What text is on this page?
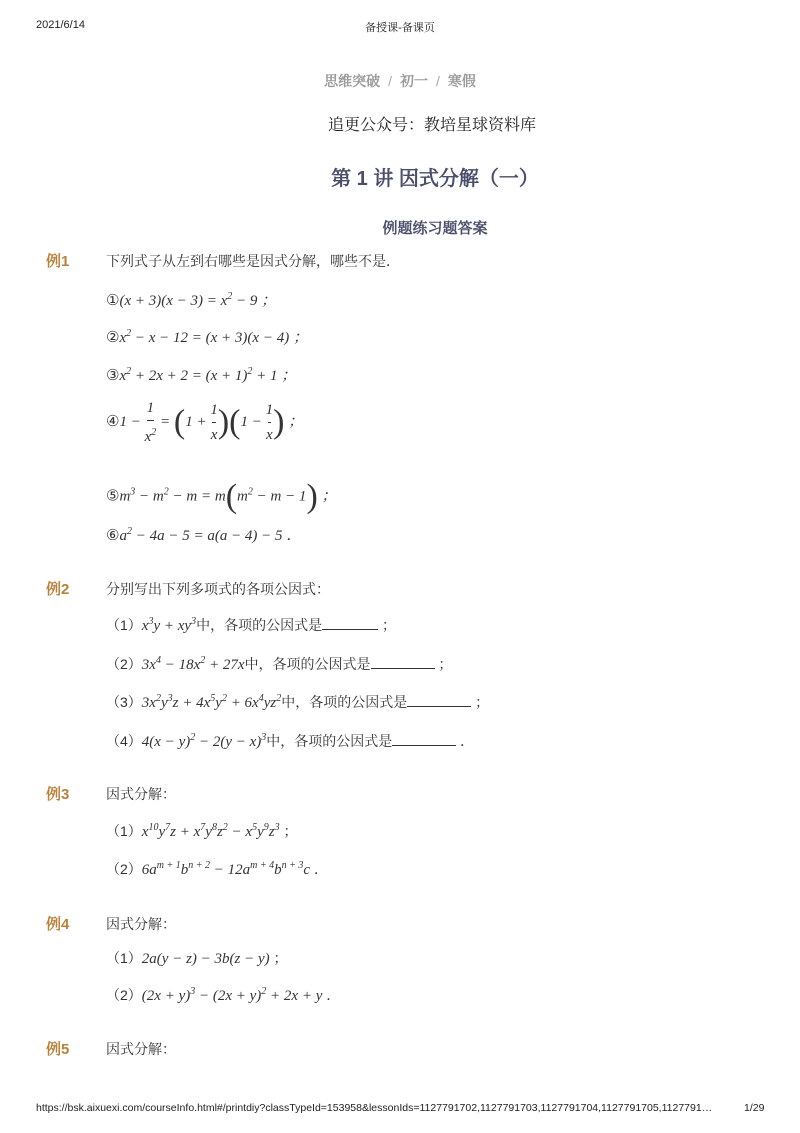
2021/6/14	备授课-备课页
思维突破 / 初一 / 寒假
追更公众号：教培星球资料库
第 1 讲 因式分解（一）
例题练习题答案
例1	下列式子从左到右哪些是因式分解，哪些不是．
①(x + $3)(x - 3) = x^2 - 9$ ；
$②x^2 - x - 12 = (x + 3)(x - 4)$ ；
$③x^2 + 2x + 2 = (x + 1)^2 + 1$ ；
④1 − $\frac{1}{x^2} = (1 + \frac{1}{x} )(1 - \frac{1}{x}$ ) ；
$⑤m^3 - m^2 - m = m(m^2 - m - 1)$ ；
$⑥a^2 - 4a - 5 = a(a - 4) - 5$ ．
例2	分别写出下列多项式的各项公因式：
$(1)x^3y + xy^3$中，各项的公因式是	；
$(2)3x^4 - 18x^2 + 27x$中，各项的公因式是	；
$(3)3x^2y^3z + 4x^5y^2 + 6x^4yz^2$中，各项的公因式是	；
$(4)4(x - y)^2 - 2(y - x)^3$中，各项的公因式是	．
例3	因式分解：
$(1)x^{10}y^7z + x^7y^8z^2 - x^5y^9z^3$ ；
$(2)6a^{m + 1}b^{n + 2} - 12a^{m + 4}b^{n + 3}c$ ．
例4	因式分解：
（1）2a(y − z) − 3b(z − y) ；
$(2)(2x + y)^3 - (2x + y)^2 + 2x + y$ ．
例5	因式分解：
https://bsk.aixuexi.com/courseInfo.html#/printdiy?classTypeId=153958&lessonIds=1127791702,1127791703,1127791704,1127791705,1127791…	1/29
